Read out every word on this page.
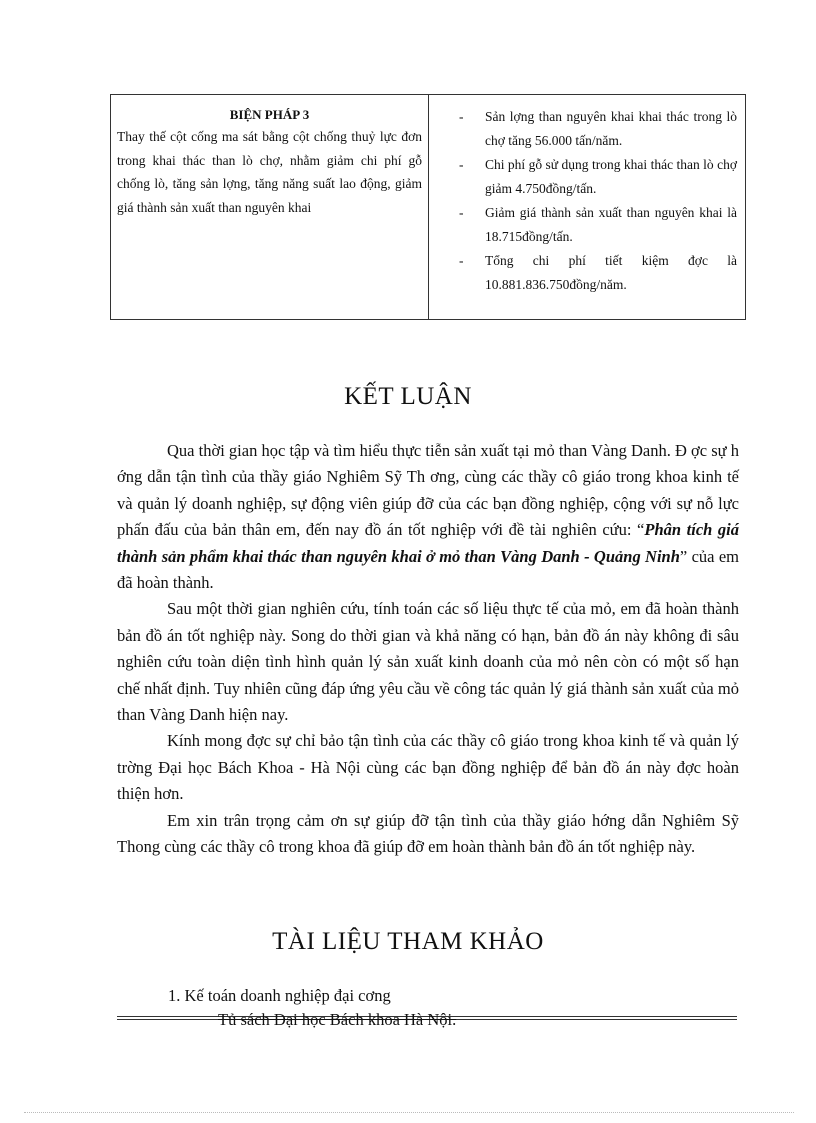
BIỆN PHÁP 3
Thay thế cột cống ma sát bằng cột chống thuỷ lực đơn trong khai thác than lò chợ, nhằm giảm chi phí gỗ chống lò, tăng sản lợng, tăng năng suất lao động, giảm giá thành sản xuất than nguyên khai
- Sản lợng than nguyên khai khai thác trong lò chợ tăng 56.000 tấn/năm.
- Chi phí gỗ sử dụng trong khai thác than lò chợ giảm 4.750đồng/tấn.
- Giảm giá thành sản xuất than nguyên khai là 18.715đồng/tấn.
- Tổng chi phí tiết kiệm đợc là 10.881.836.750đồng/năm.
KẾT LUẬN

Qua thời gian học tập và tìm hiểu thực tiễn sản xuất tại mỏ than Vàng Danh. Đ ợc sự h ớng dẫn tận tình của thầy giáo Nghiêm Sỹ Th ơng, cùng các thầy cô giáo trong khoa kinh tế và quản lý doanh nghiệp, sự động viên giúp đỡ của các bạn đồng nghiệp, cộng với sự nỗ lực phấn đấu của bản thân em, đến nay đồ án tốt nghiệp với đề tài nghiên cứu: “Phân tích giá thành sản phẩm khai thác than nguyên khai ở mỏ than Vàng Danh - Quảng Ninh” của em đã hoàn thành.

Sau một thời gian nghiên cứu, tính toán các số liệu thực tế của mỏ, em đã hoàn thành bản đồ án tốt nghiệp này. Song do thời gian và khả năng có hạn, bản đồ án này không đi sâu nghiên cứu toàn diện tình hình quản lý sản xuất kinh doanh của mỏ nên còn có một số hạn chế nhất định. Tuy nhiên cũng đáp ứng yêu cầu về công tác quản lý giá thành sản xuất của mỏ than Vàng Danh hiện nay.

Kính mong đợc sự chỉ bảo tận tình của các thầy cô giáo trong khoa kinh tế và quản lý trờng Đại học Bách Khoa - Hà Nội cùng các bạn đồng nghiệp để bản đồ án này đợc hoàn thiện hơn.

Em xin trân trọng cảm ơn sự giúp đỡ tận tình của thầy giáo hớng dẫn Nghiêm Sỹ Thong cùng các thầy cô trong khoa đã giúp đỡ em hoàn thành bản đồ án tốt nghiệp này.

TÀI LIỆU THAM KHẢO
1. Kế toán doanh nghiệp đại cơng
Tủ sách Đại học Bách khoa Hà Nội.
